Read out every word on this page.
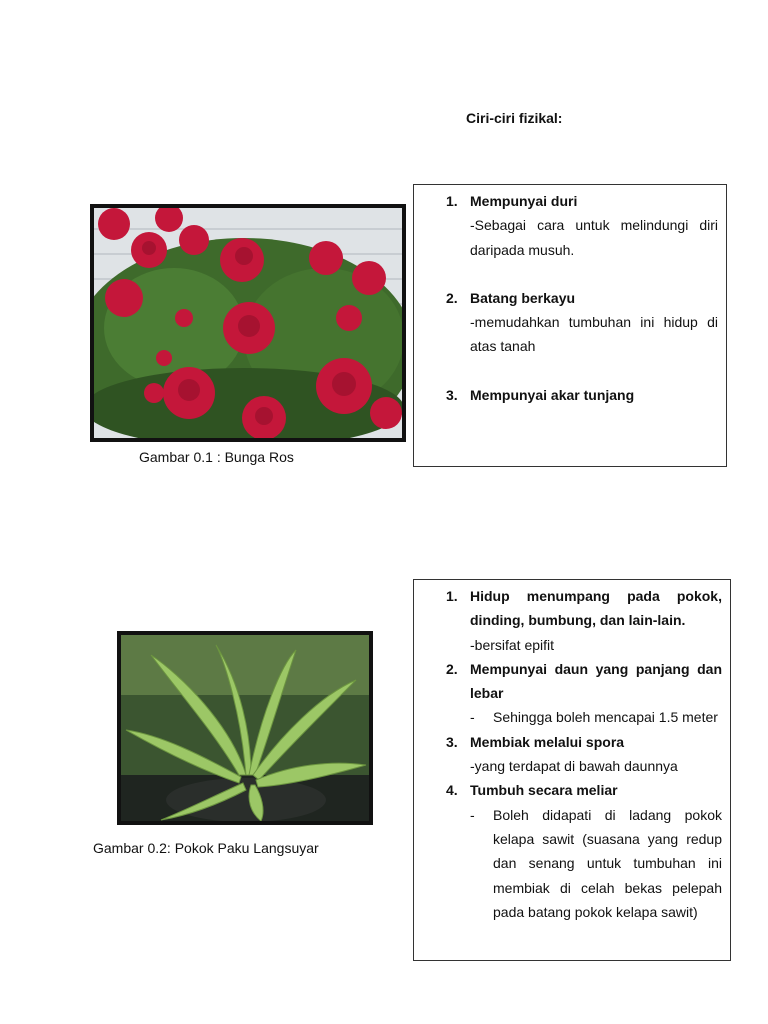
Ciri-ciri fizikal:
Gambar 0.1 : Bunga Ros
Gambar 0.2: Pokok Paku Langsuyar
1. Mempunyai duri
-Sebagai cara untuk melindungi diri daripada musuh.
2. Batang berkayu
-memudahkan tumbuhan ini hidup di atas tanah
3. Mempunyai akar tunjang
1. Hidup menumpang pada pokok, dinding, bumbung, dan lain-lain.
-bersifat epifit
2. Mempunyai daun yang panjang dan lebar
- Sehingga boleh mencapai 1.5 meter
3. Membiak melalui spora
-yang terdapat di bawah daunnya
4. Tumbuh secara meliar
- Boleh didapati di ladang pokok kelapa sawit (suasana yang redup dan senang untuk tumbuhan ini membiak di celah bekas pelepah pada batang pokok kelapa sawit)
